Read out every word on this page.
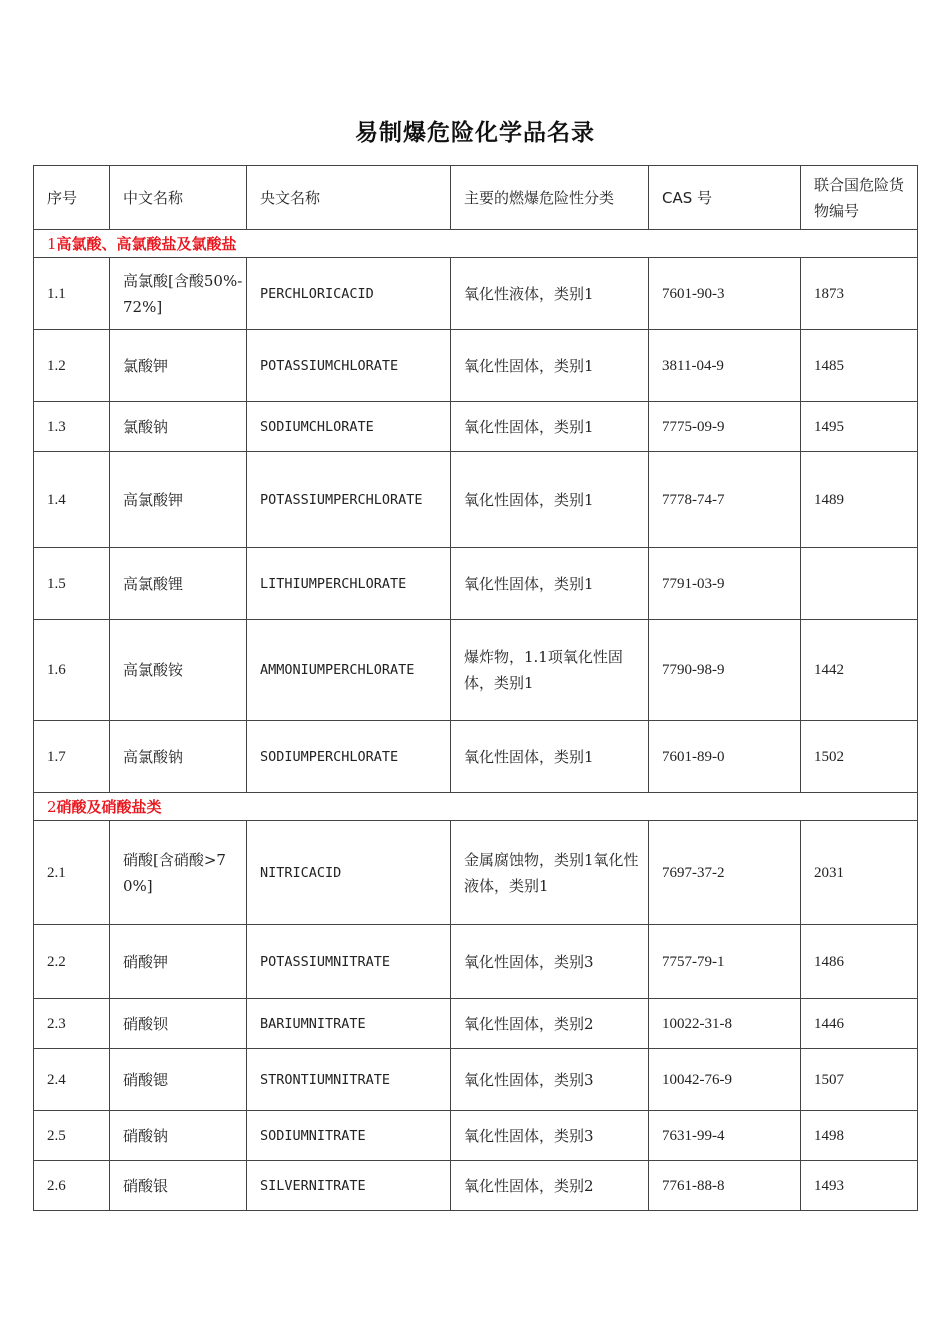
易制爆危险化学品名录
序号	中文名称	央文名称	主要的燃爆危险性分类	CAS 号	联合国危险货物编号
1高氯酸、高氯酸盐及氯酸盐					
1.1	高氯酸[含酸50%-72%]	PERCHLORICACID	氧化性液体，类别1	7601-90-3	1873
1.2	氯酸钾	POTASSIUMCHLORATE	氧化性固体，类别1	3811-04-9	1485
1.3	氯酸钠	SODIUMCHLORATE	氧化性固体，类别1	7775-09-9	1495
1.4	高氯酸钾	POTASSIUMPERCHLORATE	氧化性固体，类别1	7778-74-7	1489
1.5	高氯酸锂	LITHIUMPERCHLORATE	氧化性固体，类别1	7791-03-9	
1.6	高氯酸铵	AMMONIUMPERCHLORATE	爆炸物，1.1项氧化性固体，类别1	7790-98-9	1442
1.7	高氯酸钠	SODIUMPERCHLORATE	氧化性固体，类别1	7601-89-0	1502
2硝酸及硝酸盐类					
2.1	硝酸[含硝酸>70%]	NITRICACID	金属腐蚀物，类别1氧化性液体，类别1	7697-37-2	2031
2.2	硝酸钾	POTASSIUMNITRATE	氧化性固体，类别3	7757-79-1	1486
2.3	硝酸钡	BARIUMNITRATE	氧化性固体，类别2	10022-31-8	1446
2.4	硝酸锶	STRONTIUMNITRATE	氧化性固体，类别3	10042-76-9	1507
2.5	硝酸钠	SODIUMNITRATE	氧化性固体，类别3	7631-99-4	1498
2.6	硝酸银	SILVERNITRATE	氧化性固体，类别2	7761-88-8	1493
